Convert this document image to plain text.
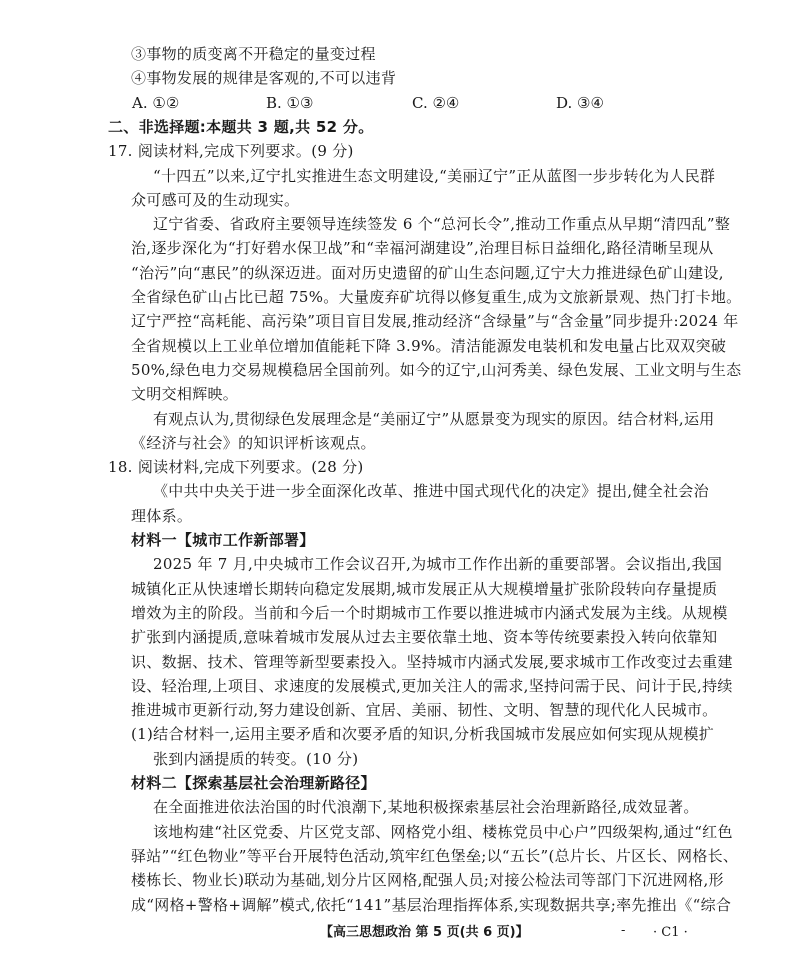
③事物的质变离不开稳定的量变过程
④事物发展的规律是客观的,不可以违背
A. ①②	B. ①③	C. ②④	D. ③④
二、非选择题:本题共 3 题,共 52 分。
17. 阅读材料,完成下列要求。(9 分)
“十四五”以来,辽宁扎实推进生态文明建设,“美丽辽宁”正从蓝图一步步转化为人民群
众可感可及的生动现实。
辽宁省委、省政府主要领导连续签发 6 个“总河长令”,推动工作重点从早期“清四乱”整
治,逐步深化为“打好碧水保卫战”和“幸福河湖建设”,治理目标日益细化,路径清晰呈现从
“治污”向“惠民”的纵深迈进。面对历史遗留的矿山生态问题,辽宁大力推进绿色矿山建设,
全省绿色矿山占比已超 75%。大量废弃矿坑得以修复重生,成为文旅新景观、热门打卡地。
辽宁严控“高耗能、高污染”项目盲目发展,推动经济“含绿量”与“含金量”同步提升:2024 年
全省规模以上工业单位增加值能耗下降 3.9%。清洁能源发电装机和发电量占比双双突破
50%,绿色电力交易规模稳居全国前列。如今的辽宁,山河秀美、绿色发展、工业文明与生态
文明交相辉映。
有观点认为,贯彻绿色发展理念是“美丽辽宁”从愿景变为现实的原因。结合材料,运用
《经济与社会》的知识评析该观点。
18. 阅读材料,完成下列要求。(28 分)
《中共中央关于进一步全面深化改革、推进中国式现代化的决定》提出,健全社会治
理体系。
材料一【城市工作新部署】
2025 年 7 月,中央城市工作会议召开,为城市工作作出新的重要部署。会议指出,我国
城镇化正从快速增长期转向稳定发展期,城市发展正从大规模增量扩张阶段转向存量提质
增效为主的阶段。当前和今后一个时期城市工作要以推进城市内涵式发展为主线。从规模
扩张到内涵提质,意味着城市发展从过去主要依靠土地、资本等传统要素投入转向依靠知
识、数据、技术、管理等新型要素投入。坚持城市内涵式发展,要求城市工作改变过去重建
设、轻治理,上项目、求速度的发展模式,更加关注人的需求,坚持问需于民、问计于民,持续
推进城市更新行动,努力建设创新、宜居、美丽、韧性、文明、智慧的现代化人民城市。
(1)结合材料一,运用主要矛盾和次要矛盾的知识,分析我国城市发展应如何实现从规模扩
张到内涵提质的转变。(10 分)
材料二【探索基层社会治理新路径】
【高三思想政治 第 5 页(共 6 页)】	- · C1 ·
在全面推进依法治国的时代浪潮下,某地积极探索基层社会治理新路径,成效显著。
该地构建“社区党委、片区党支部、网格党小组、楼栋党员中心户”四级架构,通过“红色
驿站”“红色物业”等平台开展特色活动,筑牢红色堡垒;以“五长”(总片长、片区长、网格长、
楼栋长、物业长)联动为基础,划分片区网格,配强人员;对接公检法司等部门下沉进网格,形
成“网格+警格+调解”模式,依托“141”基层治理指挥体系,实现数据共享;率先推出《“综合
